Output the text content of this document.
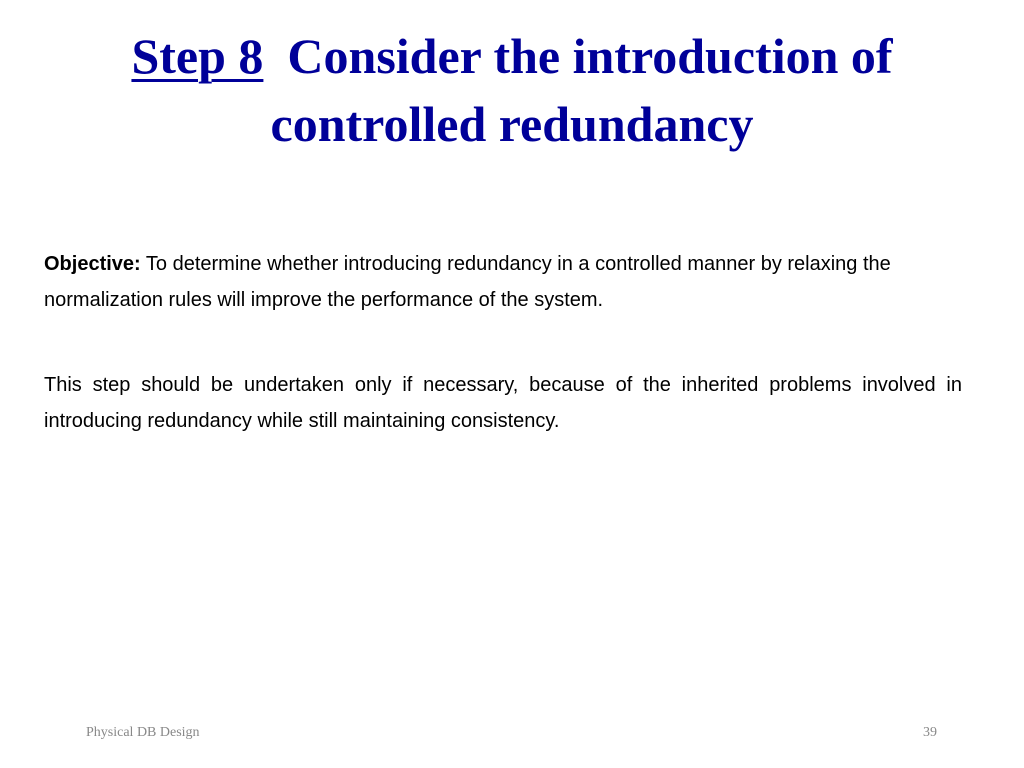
Step 8 Consider the introduction of controlled redundancy

Objective: To determine whether introducing redundancy in a controlled manner by relaxing the normalization rules will improve the performance of the system.

This step should be undertaken only if necessary, because of the inherited problems involved in introducing redundancy while still maintaining consistency.

Physical DB Design	39
